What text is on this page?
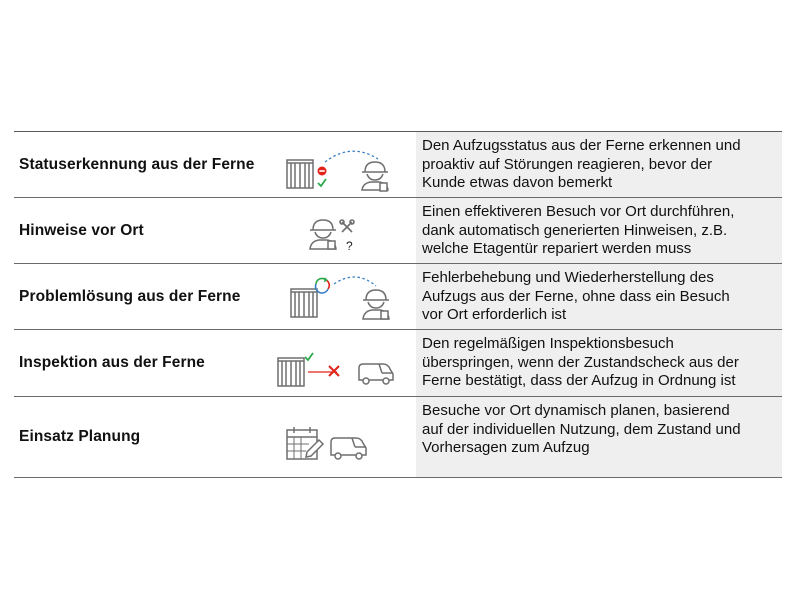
Statuserkennung aus der Ferne
Den Aufzugsstatus aus der Ferne erkennen und
proaktiv auf Störungen reagieren, bevor der
Kunde etwas davon bemerkt
Hinweise vor Ort
?
Einen effektiveren Besuch vor Ort durchführen,
dank automatisch generierten Hinweisen, z.B.
welche Etagentür repariert werden muss
Problemlösung aus der Ferne
Fehlerbehebung und Wiederherstellung des
Aufzugs aus der Ferne, ohne dass ein Besuch
vor Ort erforderlich ist
Inspektion aus der Ferne
Den regelmäßigen Inspektionsbesuch
überspringen, wenn der Zustandscheck aus der
Ferne bestätigt, dass der Aufzug in Ordnung ist
Einsatz Planung
Besuche vor Ort dynamisch planen, basierend
auf der individuellen Nutzung, dem Zustand und
Vorhersagen zum Aufzug
